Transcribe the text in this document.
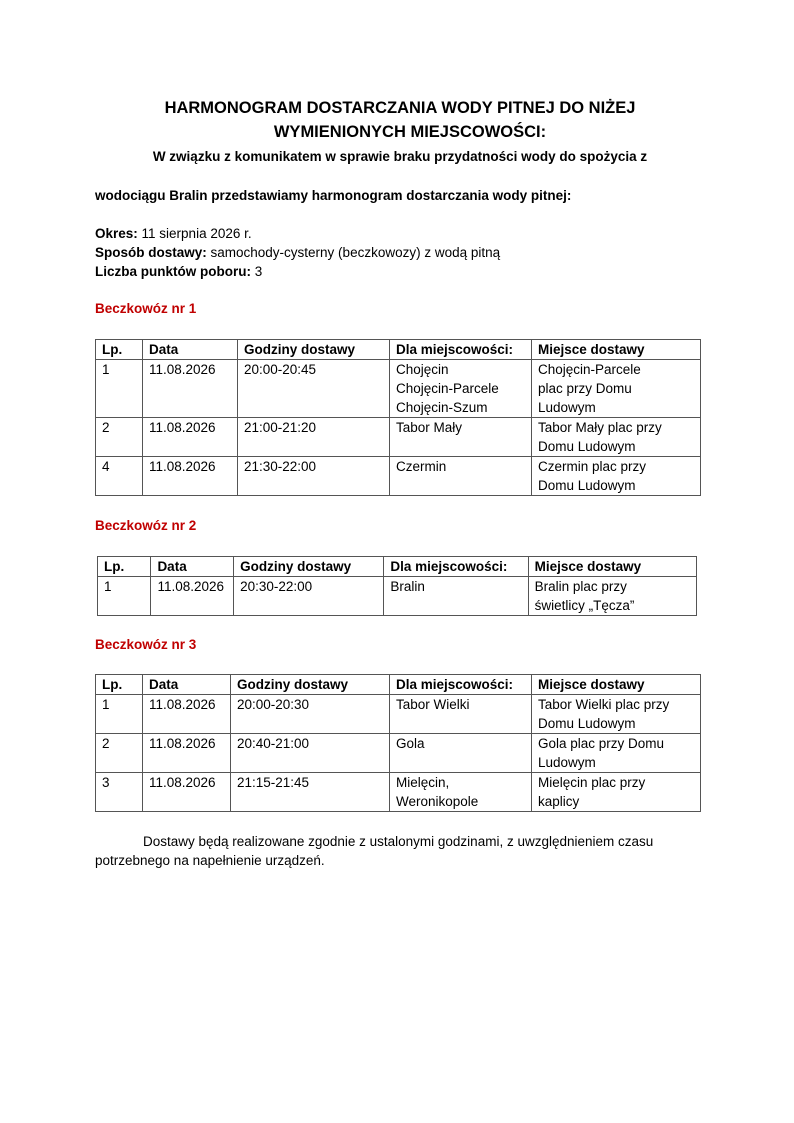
HARMONOGRAM DOSTARCZANIA WODY PITNEJ DO NIŻEJ
WYMIENIONYCH MIEJSCOWOŚCI:
W związku z komunikatem w sprawie braku przydatności wody do spożycia z
wodociągu Bralin przedstawiamy harmonogram dostarczania wody pitnej:
Okres: 11 sierpnia 2026 r.
Sposób dostawy: samochody-cysterny (beczkowozy) z wodą pitną
Liczba punktów poboru: 3
Beczkowóz nr 1
Lp.	Data	Godziny dostawy	Dla miejscowości:	Miejsce dostawy
1	11.08.2026	20:00-20:45	Chojęcin
Chojęcin-Parcele
Chojęcin-Szum	Chojęcin-Parcele
plac przy Domu
Ludowym

2	11.08.2026	21:00-21:20	Tabor Mały	Tabor Mały plac przy
Domu Ludowym

4	11.08.2026	21:30-22:00	Czermin	Czermin plac przy
Domu Ludowym
Beczkowóz nr 2
Lp.	Data	Godziny dostawy	Dla miejscowości:	Miejsce dostawy
1	11.08.2026	20:30-22:00	Bralin	Bralin plac przy
świetlicy „Tęcza”
Beczkowóz nr 3
Lp.	Data	Godziny dostawy	Dla miejscowości:	Miejsce dostawy
1	11.08.2026	20:00-20:30	Tabor Wielki	Tabor Wielki plac przy
Domu Ludowym

2	11.08.2026	20:40-21:00	Gola	Gola plac przy Domu
Ludowym

3	11.08.2026	21:15-21:45	Mielęcin,
Weronikopole	Mielęcin plac przy
kaplicy
Dostawy będą realizowane zgodnie z ustalonymi godzinami, z uwzględnieniem czasu potrzebnego na napełnienie urządzeń.
